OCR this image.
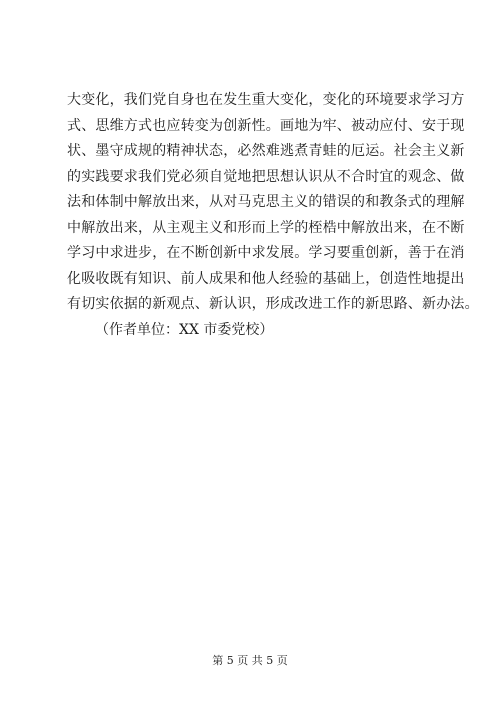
大变化，我们党自身也在发生重大变化，变化的环境要求学习方
式、思维方式也应转变为创新性。画地为牢、被动应付、安于现
状、墨守成规的精神状态，必然难逃煮青蛙的厄运。社会主义新
的实践要求我们党必须自觉地把思想认识从不合时宜的观念、做
法和体制中解放出来，从对马克思主义的错误的和教条式的理解
中解放出来，从主观主义和形而上学的桎梏中解放出来，在不断
学习中求进步，在不断创新中求发展。学习要重创新，善于在消
化吸收既有知识、前人成果和他人经验的基础上，创造性地提出
有切实依据的新观点、新认识，形成改进工作的新思路、新办法。
（作者单位：XX 市委党校）
第 5 页 共 5 页
